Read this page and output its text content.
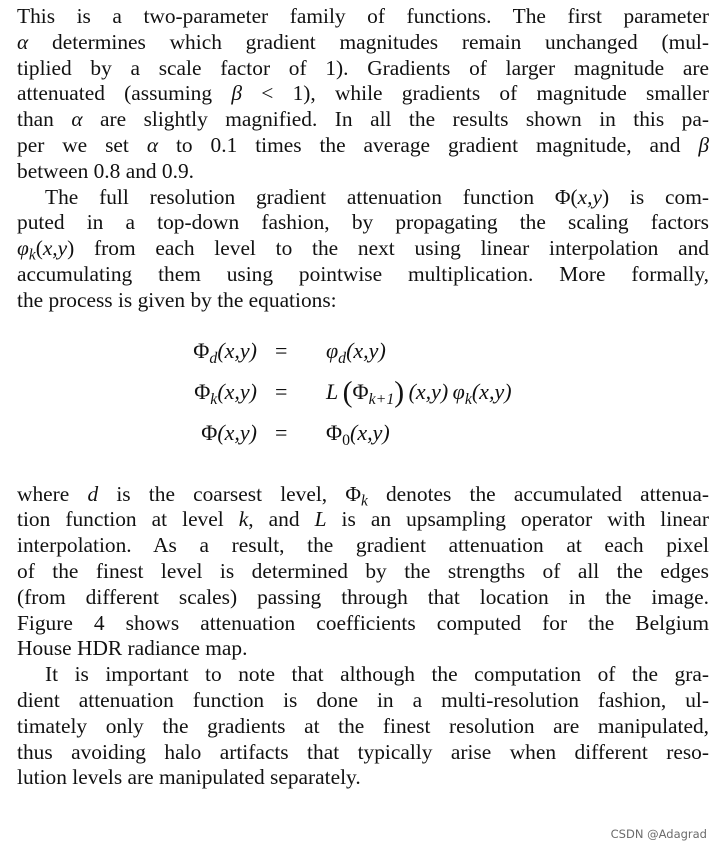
This is a two-parameter family of functions. The first parameter
α determines which gradient magnitudes remain unchanged (mul-
tiplied by a scale factor of 1). Gradients of larger magnitude are
attenuated (assuming β < 1), while gradients of magnitude smaller
than α are slightly magnified. In all the results shown in this pa-
per we set α to 0.1 times the average gradient magnitude, and β
between 0.8 and 0.9.
The full resolution gradient attenuation function Φ(x,y) is com-
puted in a top-down fashion, by propagating the scaling factors
$\varphi_k(x,y)$ from each level to the next using linear interpolation and
accumulating them using pointwise multiplication. More formally,
the process is given by the equations:
$\Phi_d(x,y) = \varphi_d(x,y)$
$\Phi_k(x,y) = L$  $(\Phi_{k+1})$  (x,y)  $\varphi_k(x,y)$
$\Phi(x,y) = \Phi_0(x,y)$
where d is the coarsest level, $\Phi_k$ denotes the accumulated attenua-
tion function at level k, and L is an upsampling operator with linear
interpolation. As a result, the gradient attenuation at each pixel
of the finest level is determined by the strengths of all the edges
(from different scales) passing through that location in the image.
Figure 4 shows attenuation coefficients computed for the Belgium
House HDR radiance map.
It is important to note that although the computation of the gra-
dient attenuation function is done in a multi-resolution fashion, ul-
timately only the gradients at the finest resolution are manipulated,
thus avoiding halo artifacts that typically arise when different reso-
lution levels are manipulated separately.
CSDN @Adagrad
